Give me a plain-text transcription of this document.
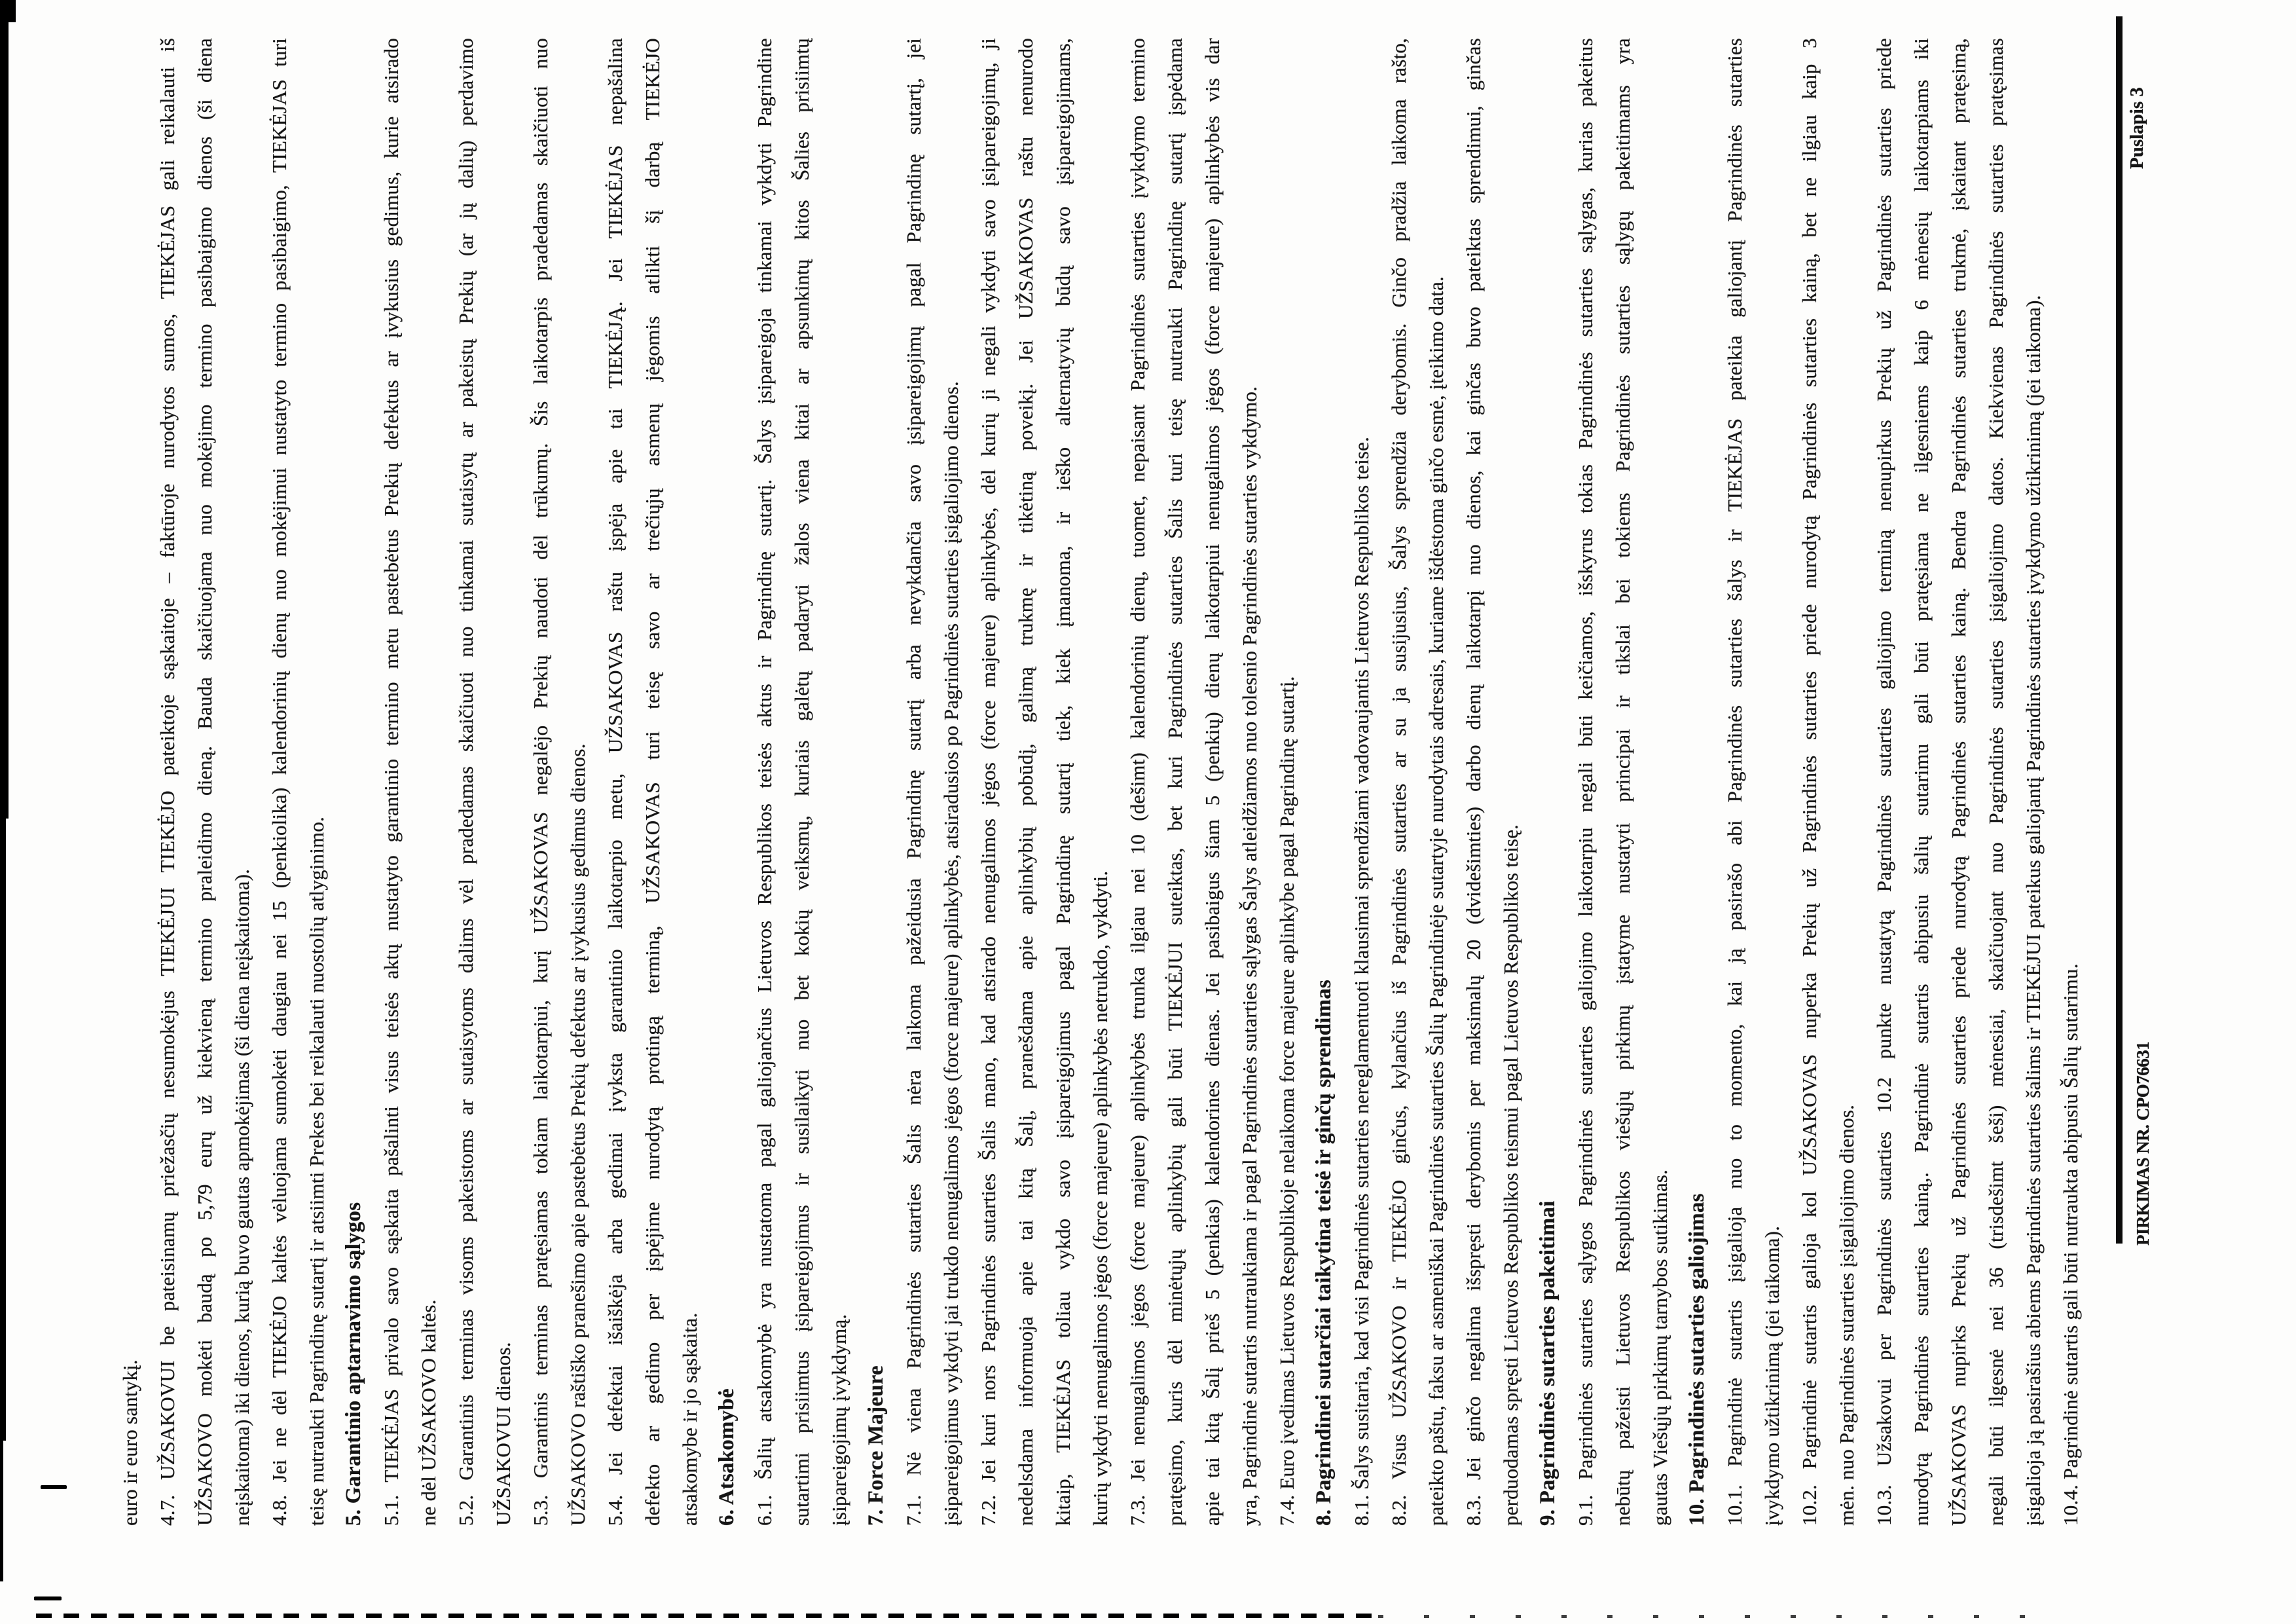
euro ir euro santykį. 4.7. UŽSAKOVUI be pateisinamų priežasčių nesumokėjus TIEKĖJUI TIEKĖJO pateiktoje sąskaitoje – faktūroje nurodytos sumos, TIEKĖJAS gali reikalauti iš UŽSAKOVO mokėti baudą po 5,79 eurų už kiekvieną termino praleidimo dieną. Bauda skaičiuojama nuo mokėjimo termino pasibaigimo dienos (ši diena neįskaitoma) iki dienos, kurią buvo gautas apmokėjimas (ši diena neįskaitoma). 4.8. Jei ne dėl TIEKĖJO kaltės vėluojama sumokėti daugiau nei 15 (penkiolika) kalendorinių dienų nuo mokėjimui nustatyto termino pasibaigimo, TIEKĖJAS turi teisę nutraukti Pagrindinę sutartį ir atsiimti Prekes bei reikalauti nuostolių atlyginimo. 5. Garantinio aptarnavimo sąlygos 5.1. TIEKĖJAS privalo savo sąskaita pašalinti visus teisės aktų nustatyto garantinio termino metu pastebėtus Prekių defektus ar įvykusius gedimus, kurie atsirado ne dėl UŽSAKOVO kaltės. 5.2. Garantinis terminas visoms pakeistoms ar sutaisytoms dalims vėl pradedamas skaičiuoti nuo tinkamai sutaisytų ar pakeistų Prekių (ar jų dalių) perdavimo UŽSAKOVUI dienos. 5.3. Garantinis terminas pratęsiamas tokiam laikotarpiui, kurį UŽSAKOVAS negalėjo Prekių naudoti dėl trūkumų. Šis laikotarpis pradedamas skaičiuoti nuo UŽSAKOVO raštiško pranešimo apie pastebėtus Prekių defektus ar įvykusius gedimus dienos. 5.4. Jei defektai išaiškėja arba gedimai įvyksta garantinio laikotarpio metu, UŽSAKOVAS raštu įspėja apie tai TIEKĖJĄ. Jei TIEKĖJAS nepašalina defekto ar gedimo per įspėjime nurodytą protingą terminą, UŽSAKOVAS turi teisę savo ar trečiųjų asmenų jėgomis atlikti šį darbą TIEKĖJO atsakomybe ir jo sąskaita. 6. Atsakomybė 6.1. Šalių atsakomybė yra nustatoma pagal galiojančius Lietuvos Respublikos teisės aktus ir Pagrindinę sutartį. Šalys įsipareigoja tinkamai vykdyti Pagrindine sutartimi prisiimtus įsipareigojimus ir susilaikyti nuo bet kokių veiksmų, kuriais galėtų padaryti žalos viena kitai ar apsunkintų kitos Šalies prisiimtų įsipareigojimų įvykdymą. 7. Force Majeure 7.1. Nė viena Pagrindinės sutarties Šalis nėra laikoma pažeidusia Pagrindinę sutartį arba nevykdančia savo įsipareigojimų pagal Pagrindinę sutartį, jei įsipareigojimus vykdyti jai trukdo nenugalimos jėgos (force majeure) aplinkybės, atsiradusios po Pagrindinės sutarties įsigaliojimo dienos. 7.2. Jei kuri nors Pagrindinės sutarties Šalis mano, kad atsirado nenugalimos jėgos (force majeure) aplinkybės, dėl kurių ji negali vykdyti savo įsipareigojimų, ji nedelsdama informuoja apie tai kitą Šalį, pranešdama apie aplinkybių pobūdį, galimą trukmę ir tikėtiną poveikį. Jei UŽSAKOVAS raštu nenurodo kitaip, TIEKĖJAS toliau vykdo savo įsipareigojimus pagal Pagrindinę sutartį tiek, kiek įmanoma, ir ieško alternatyvių būdų savo įsipareigojimams, kurių vykdyti nenugalimos jėgos (force majeure) aplinkybės netrukdo, vykdyti. 7.3. Jei nenugalimos jėgos (force majeure) aplinkybės trunka ilgiau nei 10 (dešimt) kalendorinių dienų, tuomet, nepaisant Pagrindinės sutarties įvykdymo termino pratęsimo, kuris dėl minėtųjų aplinkybių gali būti TIEKĖJUI suteiktas, bet kuri Pagrindinės sutarties Šalis turi teisę nutraukti Pagrindinę sutartį įspėdama apie tai kitą Šalį prieš 5 (penkias) kalendorines dienas. Jei pasibaigus šiam 5 (penkių) dienų laikotarpiui nenugalimos jėgos (force majeure) aplinkybės vis dar yra, Pagrindinė sutartis nutraukiama ir pagal Pagrindinės sutarties sąlygas Šalys atleidžiamos nuo tolesnio Pagrindinės sutarties vykdymo. 7.4. Euro įvedimas Lietuvos Respublikoje nelaikoma force majeure aplinkybe pagal Pagrindinę sutartį. 8. Pagrindinei sutarčiai taikytina teisė ir ginčų sprendimas 8.1. Šalys susitaria, kad visi Pagrindinės sutarties nereglamentuoti klausimai sprendžiami vadovaujantis Lietuvos Respublikos teise. 8.2. Visus UŽSAKOVO ir TIEKĖJO ginčus, kylančius iš Pagrindinės sutarties ar su ja susijusius, Šalys sprendžia derybomis. Ginčo pradžia laikoma rašto, pateikto paštu, faksu ar asmeniškai Pagrindinės sutarties Šalių Pagrindinėje sutartyje nurodytais adresais, kuriame išdėstoma ginčo esmė, įteikimo data. 8.3. Jei ginčo negalima išspręsti derybomis per maksimalų 20 (dvidešimties) darbo dienų laikotarpį nuo dienos, kai ginčas buvo pateiktas sprendimui, ginčas perduodamas spręsti Lietuvos Respublikos teismui pagal Lietuvos Respublikos teisę. 9. Pagrindinės sutarties pakeitimai 9.1. Pagrindinės sutarties sąlygos Pagrindinės sutarties galiojimo laikotarpiu negali būti keičiamos, išskyrus tokias Pagrindinės sutarties sąlygas, kurias pakeitus nebūtų pažeisti Lietuvos Respublikos viešųjų pirkimų įstatyme nustatyti principai ir tikslai bei tokiems Pagrindinės sutarties sąlygų pakeitimams yra gautas Viešųjų pirkimų tarnybos sutikimas. 10. Pagrindinės sutarties galiojimas 10.1. Pagrindinė sutartis įsigalioja nuo to momento, kai ją pasirašo abi Pagrindinės sutarties šalys ir TIEKĖJAS pateikia galiojantį Pagrindinės sutarties įvykdymo užtikrinimą (jei taikoma). 10.2. Pagrindinė sutartis galioja kol UŽSAKOVAS nuperka Prekių už Pagrindinės sutarties priede nurodytą Pagrindinės sutarties kainą, bet ne ilgiau kaip 3 mėn. nuo Pagrindinės sutarties įsigaliojimo dienos. 10.3. Užsakovui per Pagrindinės sutarties 10.2 punkte nustatytą Pagrindinės sutarties galiojimo terminą nenupirkus Prekių už Pagrindinės sutarties priede nurodytą Pagrindinės sutarties kainą,. Pagrindinė sutartis abipusiu šalių sutarimu gali būti pratęsiama ne ilgesniems kaip 6 mėnesių laikotarpiams iki UŽSAKOVAS nupirks Prekių už Pagrindinės sutarties priede nurodytą Pagrindinės sutarties kainą. Bendra Pagrindinės sutarties trukmė, įskaitant pratęsimą, negali būti ilgesnė nei 36 (trisdešimt šeši) mėnesiai, skaičiuojant nuo Pagrindinės sutarties įsigaliojimo datos. Kiekvienas Pagrindinės sutarties pratęsimas įsigalioja ją pasirašius abiems Pagrindinės sutarties šalims ir TIEKĖJUI pateikus galiojantį Pagrindinės sutarties įvykdymo užtikrinimą (jei taikoma). 10.4. Pagrindinė sutartis gali būti nutraukta abipusiu Šalių sutarimu.	PIRKIMAS NR. CPO76631
Puslapis 3
